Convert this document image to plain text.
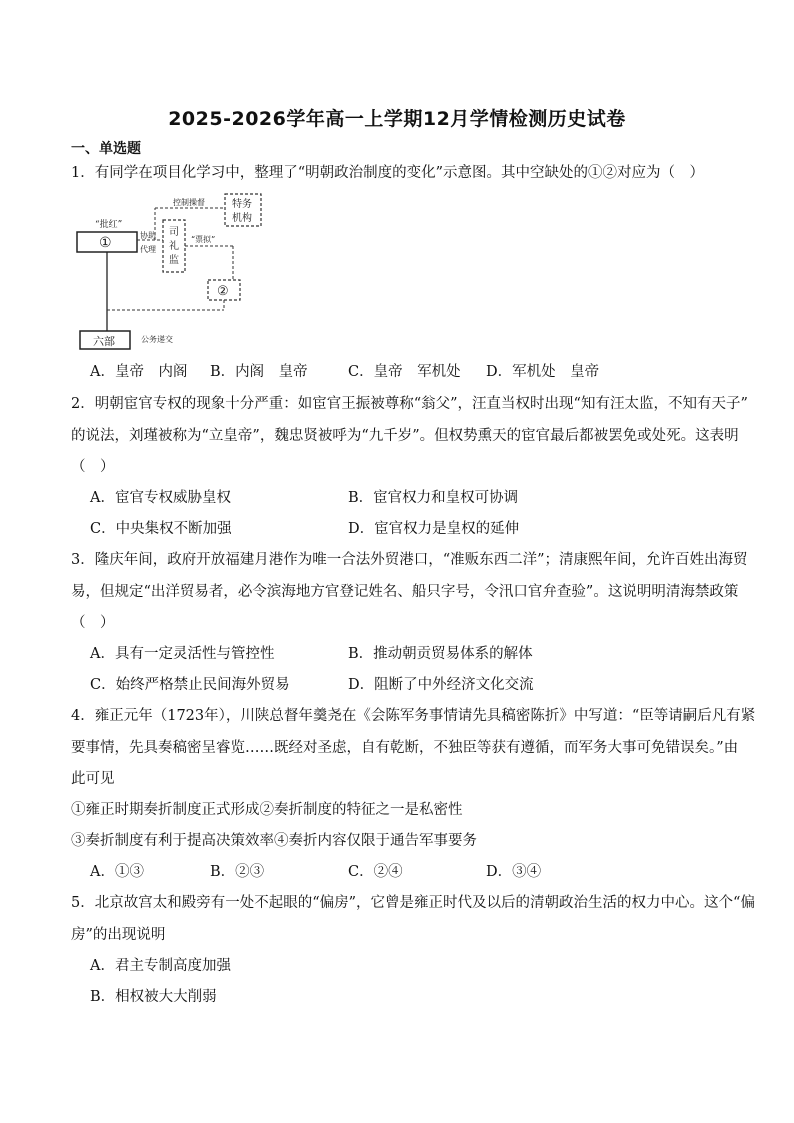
2025-2026学年高一上学期12月学情检测历史试卷
一、单选题
1．有同学在项目化学习中，整理了“明朝政治制度的变化”示意图。其中空缺处的①②对应为（　）
“批红”
①
六部	公务递交
协助
代理
司
礼
监
控制操督	特务
机构
“票拟”
②
A．皇帝　内阁 B．内阁　皇帝	C．皇帝　军机处 D．军机处　皇帝
2．明朝宦官专权的现象十分严重：如宦官王振被尊称“翁父”，汪直当权时出现“知有汪太监，不知有天子”
的说法，刘瑾被称为“立皇帝”，魏忠贤被呼为“九千岁”。但权势熏天的宦官最后都被罢免或处死。这表明
（　）
A．宦官专权威胁皇权	B．宦官权力和皇权可协调
C．中央集权不断加强	D．宦官权力是皇权的延伸
3．隆庆年间，政府开放福建月港作为唯一合法外贸港口，“准贩东西二洋”；清康熙年间，允许百姓出海贸
易，但规定“出洋贸易者，必令滨海地方官登记姓名、船只字号，令汛口官弁查验”。这说明明清海禁政策
（　）
A．具有一定灵活性与管控性	B．推动朝贡贸易体系的解体
C．始终严格禁止民间海外贸易	D．阻断了中外经济文化交流
4．雍正元年（1723年），川陕总督年羹尧在《会陈军务事情请先具稿密陈折》中写道：“臣等请嗣后凡有紧
要事情，先具奏稿密呈睿览……既经对圣虑，自有乾断，不独臣等获有遵循，而军务大事可免错误矣。”由
此可见
①雍正时期奏折制度正式形成②奏折制度的特征之一是私密性
③奏折制度有利于提高决策效率④奏折内容仅限于通告军事要务
A．①③	B．②③	C．②④	D．③④
5．北京故宫太和殿旁有一处不起眼的“偏房”，它曾是雍正时代及以后的清朝政治生活的权力中心。这个“偏
房”的出现说明
A．君主专制高度加强
B．相权被大大削弱
